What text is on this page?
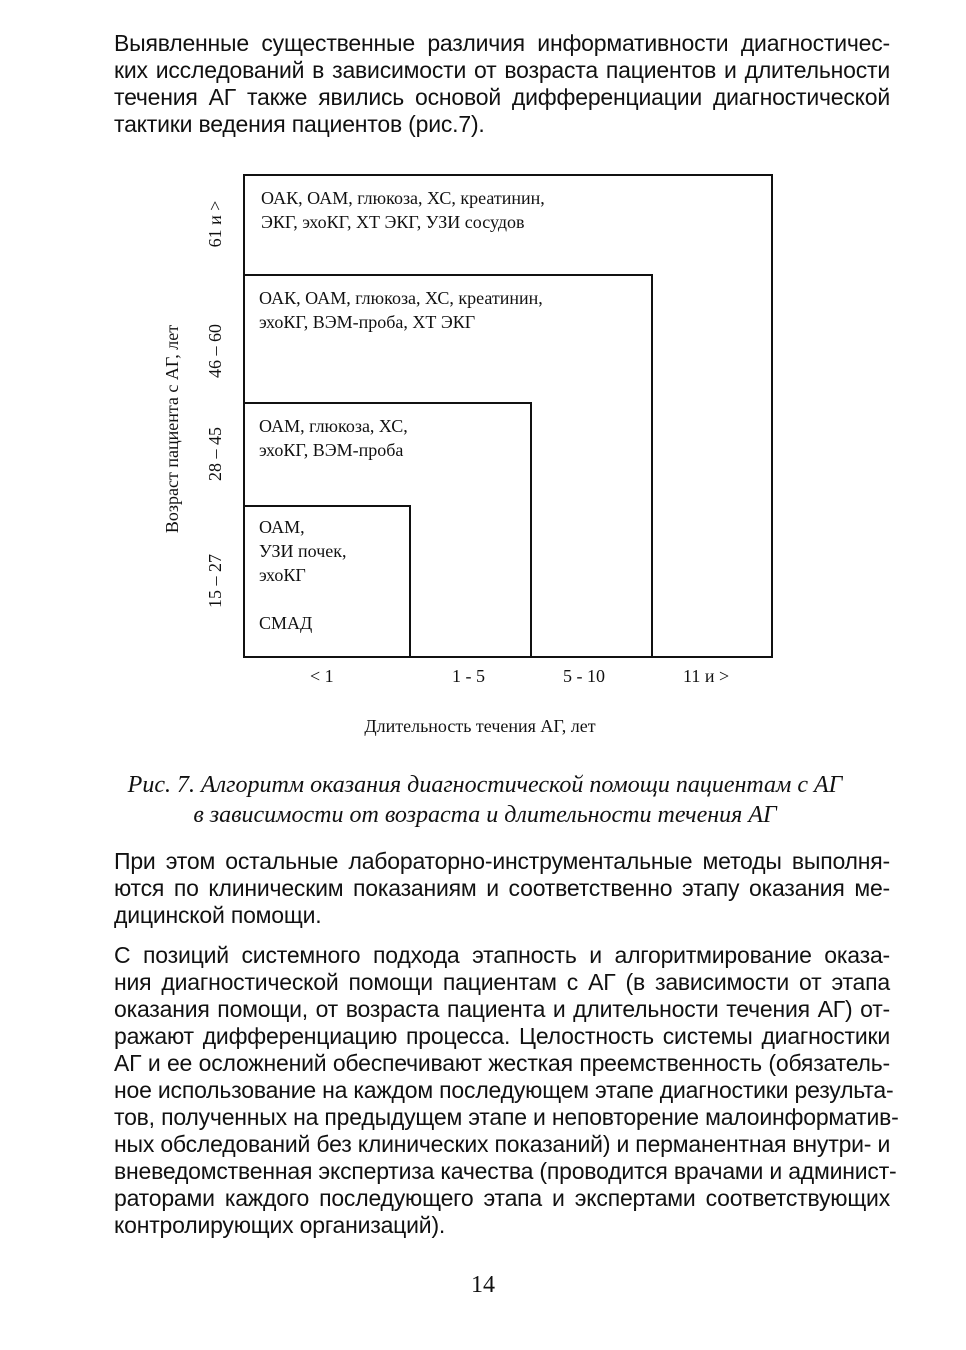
Выявленные существенные различия информативности диагностичес-
ких исследований в зависимости от возраста пациентов и длительности
течения АГ также явились основой дифференциации диагностической
тактики ведения пациентов (рис.7).
ОАК, ОАМ, глюкоза, ХС, креатинин,
ЭКГ, эхоКГ, ХТ ЭКГ, УЗИ сосудов
ОАК, ОАМ, глюкоза, ХС, креатинин,
эхоКГ, ВЭМ-проба, ХТ ЭКГ
ОАМ, глюкоза, ХС,
эхоКГ, ВЭМ-проба
ОАМ,
УЗИ почек,
эхоКГ
СМАД
15 – 27
28 – 45
46 – 60
61 и >
Возраст пациента с АГ, лет
< 1	1 - 5	5 - 10	11 и >
Длительность течения АГ, лет
Рис. 7. Алгоритм оказания диагностической помощи пациентам с АГ
в зависимости от возраста и длительности течения АГ
При этом остальные лабораторно-инструментальные методы выполня-
ются по клиническим показаниям и соответственно этапу оказания ме-
дицинской помощи.
С позиций системного подхода этапность и алгоритмирование оказа-
ния диагностической помощи пациентам с АГ (в зависимости от этапа
оказания помощи, от возраста пациента и длительности течения АГ) от-
ражают дифференциацию процесса. Целостность системы диагностики
АГ и ее осложнений обеспечивают жесткая преемственность (обязатель-
ное использование на каждом последующем этапе диагностики результа-
тов, полученных на предыдущем этапе и неповторение малоинформатив-
ных обследований без клинических показаний) и перманентная внутри- и
вневедомственная экспертиза качества (проводится врачами и админист-
раторами каждого последующего этапа и экспертами соответствующих
контролирующих организаций).
14
